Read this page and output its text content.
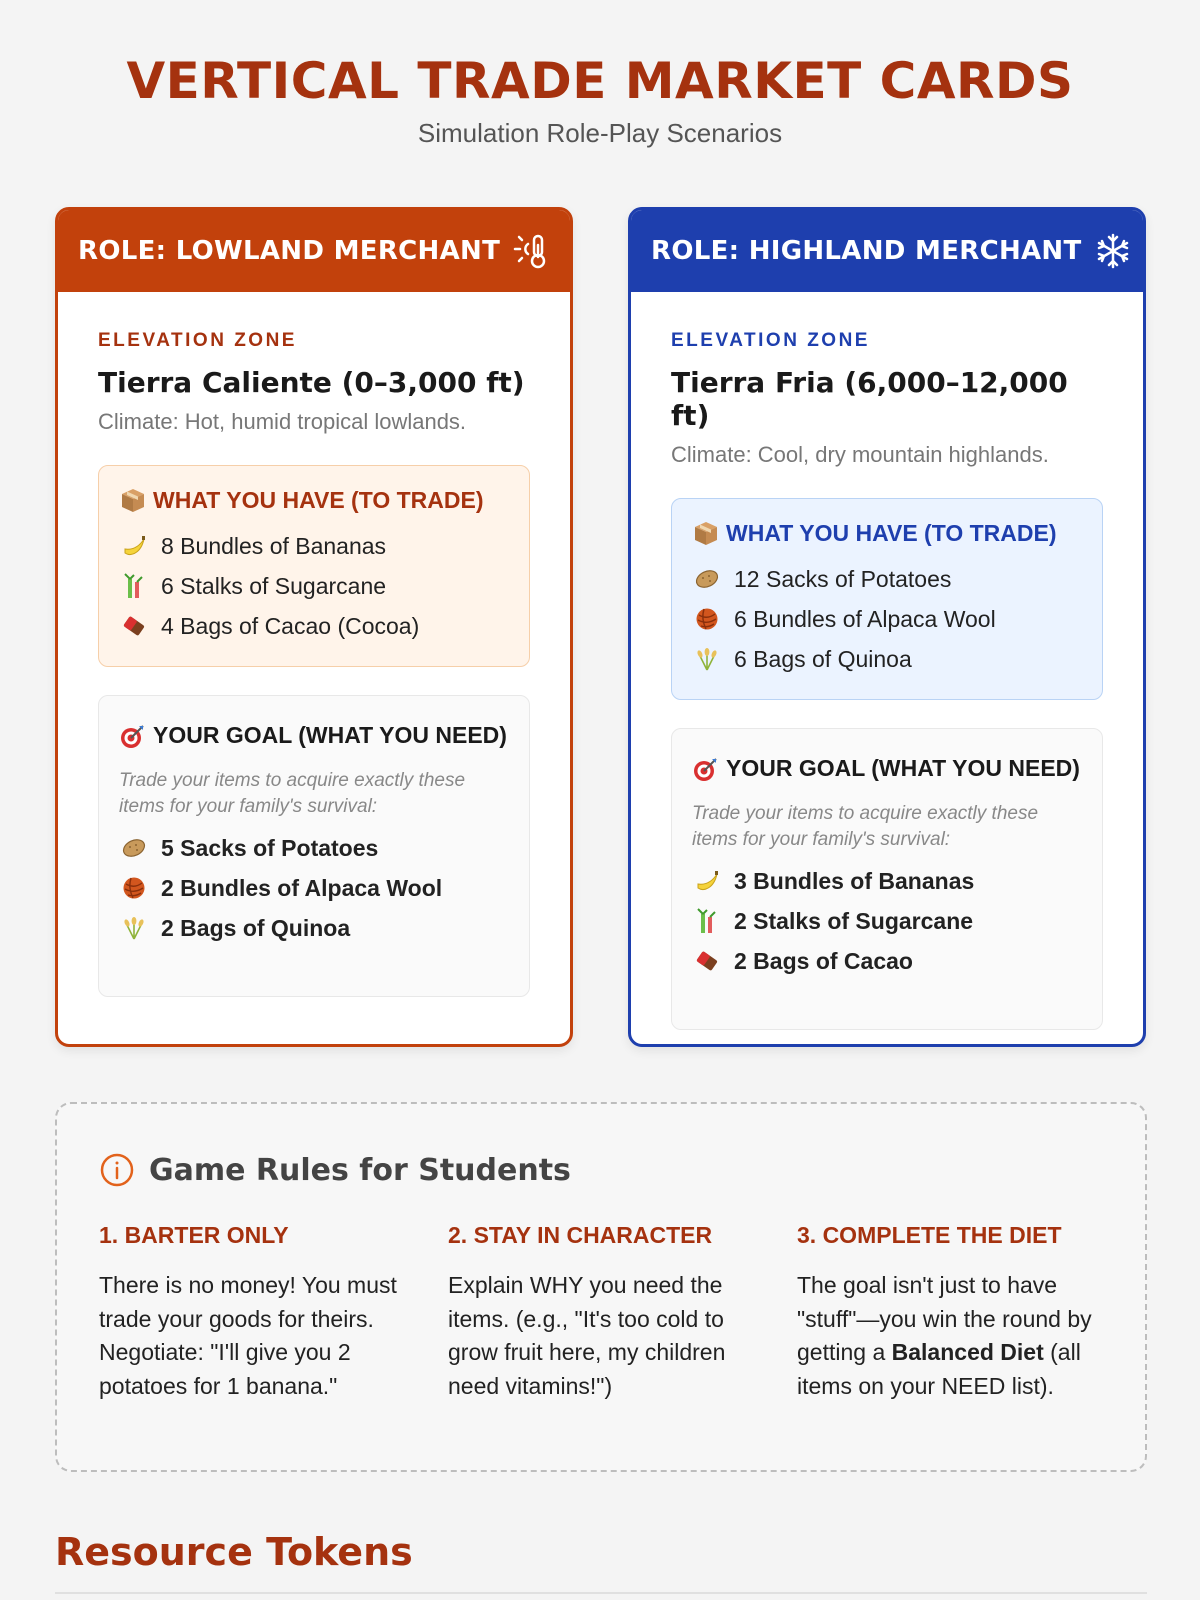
VERTICAL TRADE MARKET CARDS
Simulation Role-Play Scenarios
ROLE: LOWLAND MERCHANT
ELEVATION ZONE
Tierra Caliente (0–3,000 ft)
Climate: Hot, humid tropical lowlands.
WHAT YOU HAVE (TO TRADE)
8 Bundles of Bananas
6 Stalks of Sugarcane
4 Bags of Cacao (Cocoa)
YOUR GOAL (WHAT YOU NEED)
Trade your items to acquire exactly these items for your family's survival:
5 Sacks of Potatoes
2 Bundles of Alpaca Wool
2 Bags of Quinoa
ROLE: HIGHLAND MERCHANT
ELEVATION ZONE
Tierra Fria (6,000–12,000 ft)
Climate: Cool, dry mountain highlands.
WHAT YOU HAVE (TO TRADE)
12 Sacks of Potatoes
6 Bundles of Alpaca Wool
6 Bags of Quinoa
YOUR GOAL (WHAT YOU NEED)
Trade your items to acquire exactly these items for your family's survival:
3 Bundles of Bananas
2 Stalks of Sugarcane
2 Bags of Cacao
Game Rules for Students
1. BARTER ONLY
There is no money! You must trade your goods for theirs. Negotiate: "I'll give you 2 potatoes for 1 banana."
2. STAY IN CHARACTER
Explain WHY you need the items. (e.g., "It's too cold to grow fruit here, my children need vitamins!")
3. COMPLETE THE DIET
The goal isn't just to have "stuff"—you win the round by getting a Balanced Diet (all items on your NEED list).
Resource Tokens
